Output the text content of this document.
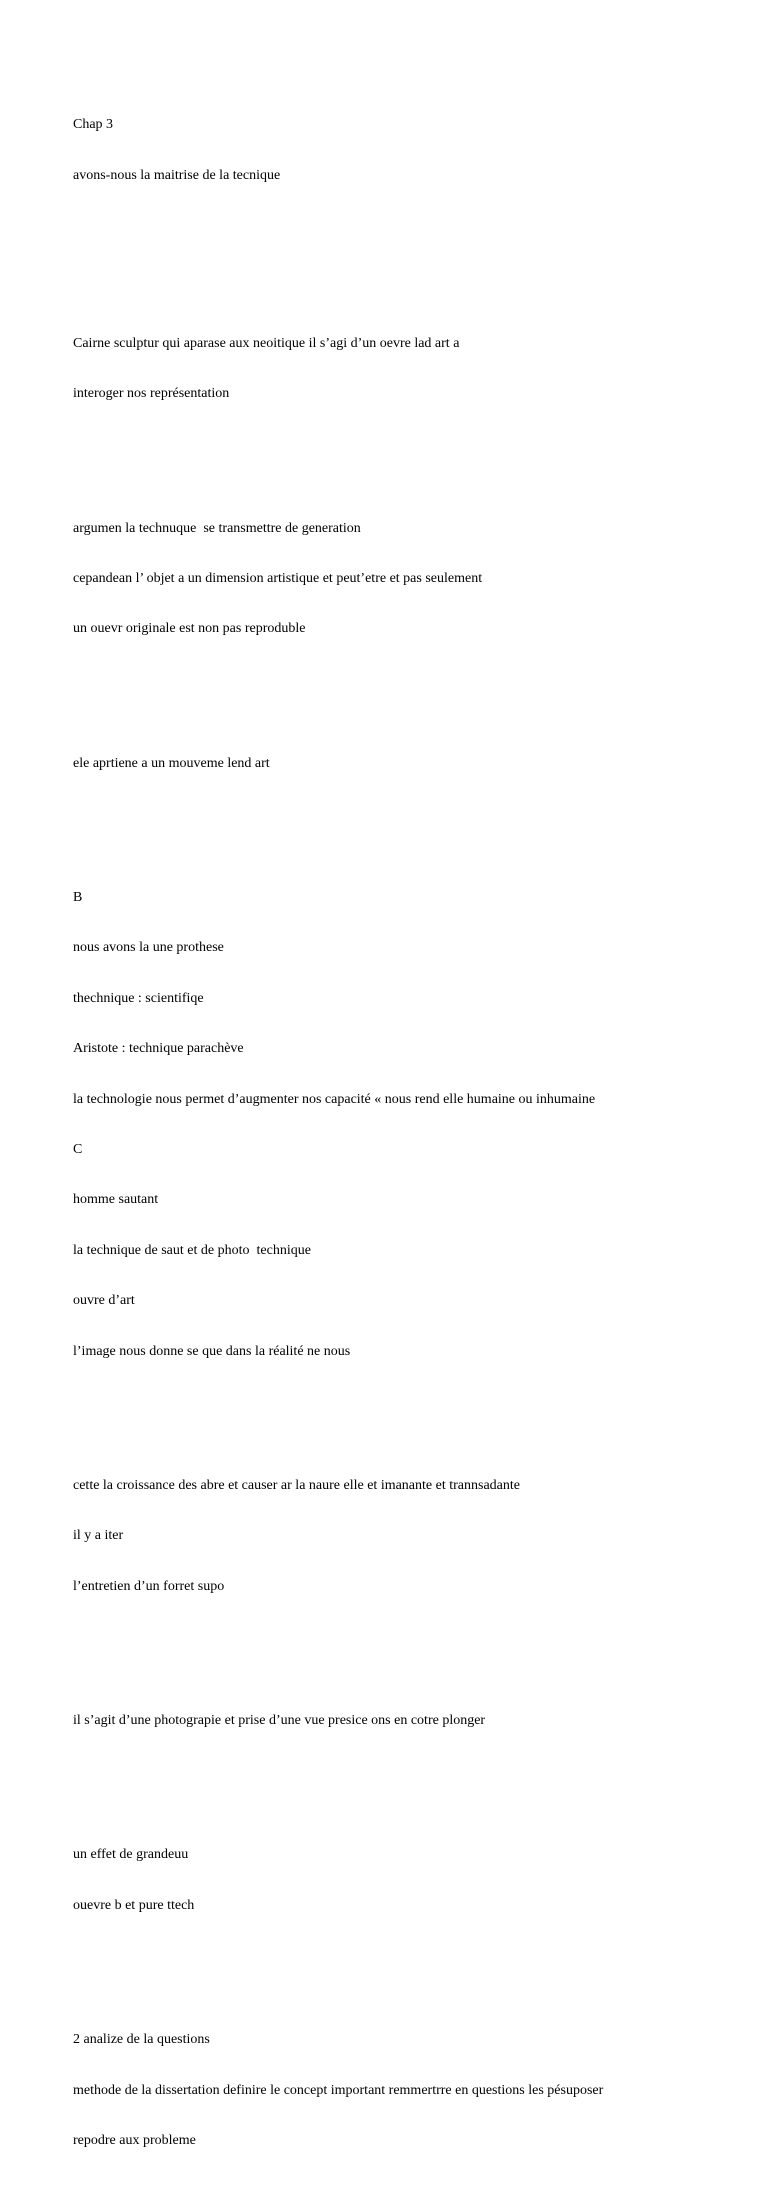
Chap 3

avons-nous la maitrise de la tecnique

Cairne sculptur qui aparase aux neoitique il s’agi d’un oevre lad art a

interoger nos représentation

argumen la technuque  se transmettre de generation

cepandean l’ objet a un dimension artistique et peut’etre et pas seulement

un ouevr originale est non pas reproduble

ele aprtiene a un mouveme lend art

B

nous avons la une prothese

thechnique : scientifiqe

Aristote : technique parachève

la technologie nous permet d’augmenter nos capacité « nous rend elle humaine ou inhumaine

C

homme sautant

la technique de saut et de photo  technique

ouvre d’art

l’image nous donne se que dans la réalité ne nous

cette la croissance des abre et causer ar la naure elle et imanante et trannsadante

il y a iter

l’entretien d’un forret supo

il s’agit d’une photograpie et prise d’une vue presice ons en cotre plonger

un effet de grandeuu

ouevre b et pure ttech

2 analize de la questions

methode de la dissertation definire le concept important remmertrre en questions les pésuposer

repodre aux probleme
